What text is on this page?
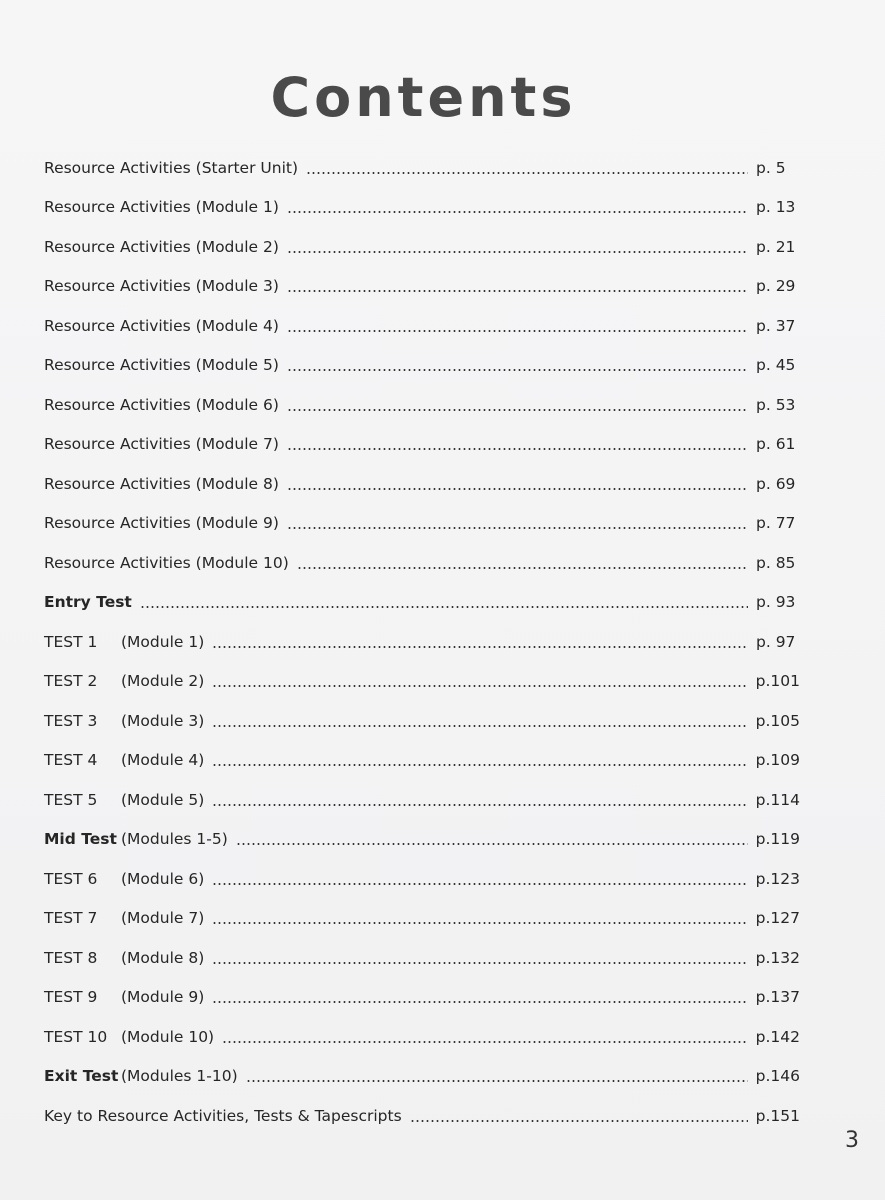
Contents
Resource Activities (Starter Unit)	p. 5
Resource Activities (Module 1)	p. 13
Resource Activities (Module 2)	p. 21
Resource Activities (Module 3)	p. 29
Resource Activities (Module 4)	p. 37
Resource Activities (Module 5)	p. 45
Resource Activities (Module 6)	p. 53
Resource Activities (Module 7)	p. 61
Resource Activities (Module 8)	p. 69
Resource Activities (Module 9)	p. 77
Resource Activities (Module 10)	p. 85
Entry Test	p. 93
TEST 1	(Module 1)	p. 97
TEST 2	(Module 2)	p.101
TEST 3	(Module 3)	p.105
TEST 4	(Module 4)	p.109
TEST 5	(Module 5)	p.114
Mid Test (Modules 1-5)	p.119
TEST 6	(Module 6)	p.123
TEST 7	(Module 7)	p.127
TEST 8	(Module 8)	p.132
TEST 9	(Module 9)	p.137
TEST 10 (Module 10)	p.142
Exit Test (Modules 1-10)	p.146
Key to Resource Activities, Tests & Tapescripts	p.151
3
